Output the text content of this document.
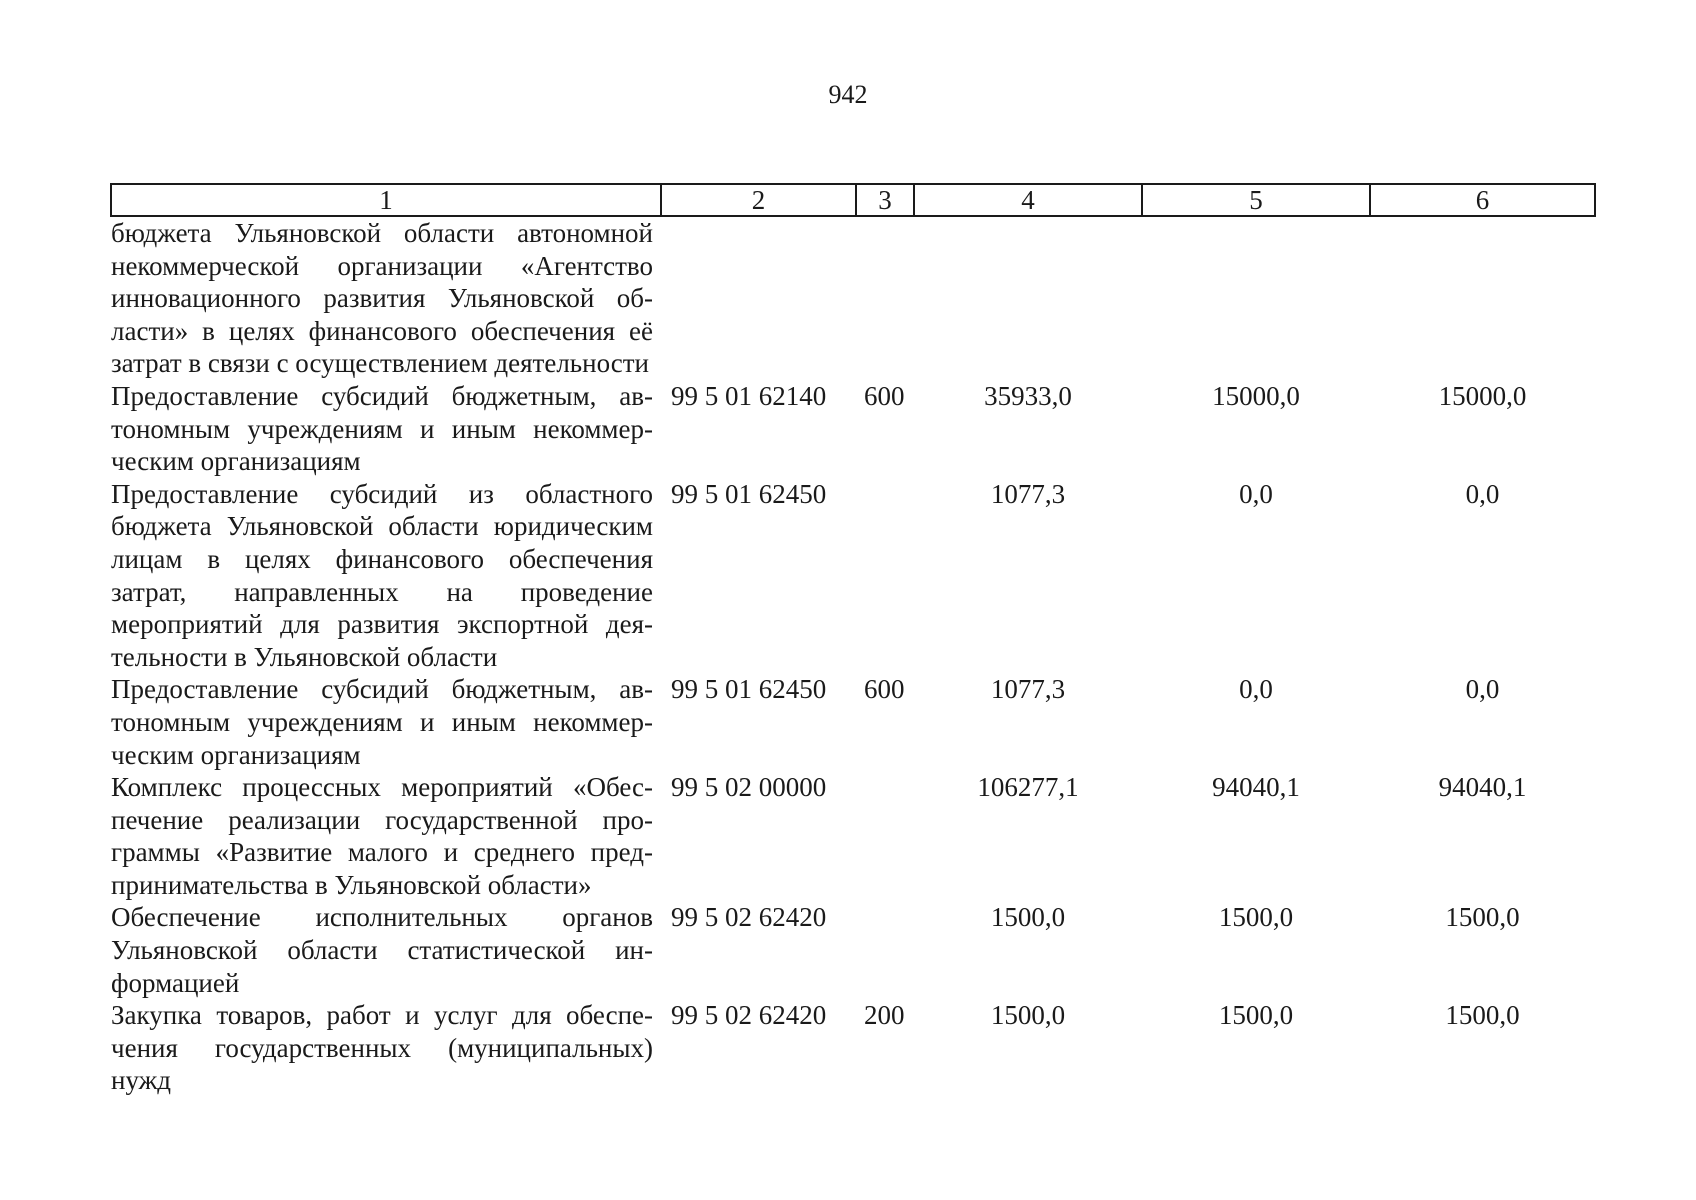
942
1	2	3	4	5	6
бюджета Ульяновской области автономной некоммерческой организации «Агентство инновационного развития Ульяновской области» в целях финансового обеспечения её затрат в связи с осуществлением деятельности					
Предоставление субсидий бюджетным, автономным учреждениям и иным некоммерческим организациям	99 5 01 62140	600	35933,0	15000,0	15000,0
Предоставление субсидий из областного бюджета Ульяновской области юридическим лицам в целях финансового обеспечения затрат, направленных на проведение мероприятий для развития экспортной деятельности в Ульяновской области	99 5 01 62450		1077,3	0,0	0,0
Предоставление субсидий бюджетным, автономным учреждениям и иным некоммерческим организациям	99 5 01 62450	600	1077,3	0,0	0,0
Комплекс процессных мероприятий «Обеспечение реализации государственной программы «Развитие малого и среднего предпринимательства в Ульяновской области»	99 5 02 00000		106277,1	94040,1	94040,1
Обеспечение исполнительных органов Ульяновской области статистической информацией	99 5 02 62420		1500,0	1500,0	1500,0
Закупка товаров, работ и услуг для обеспечения государственных (муниципальных) нужд	99 5 02 62420	200	1500,0	1500,0	1500,0
